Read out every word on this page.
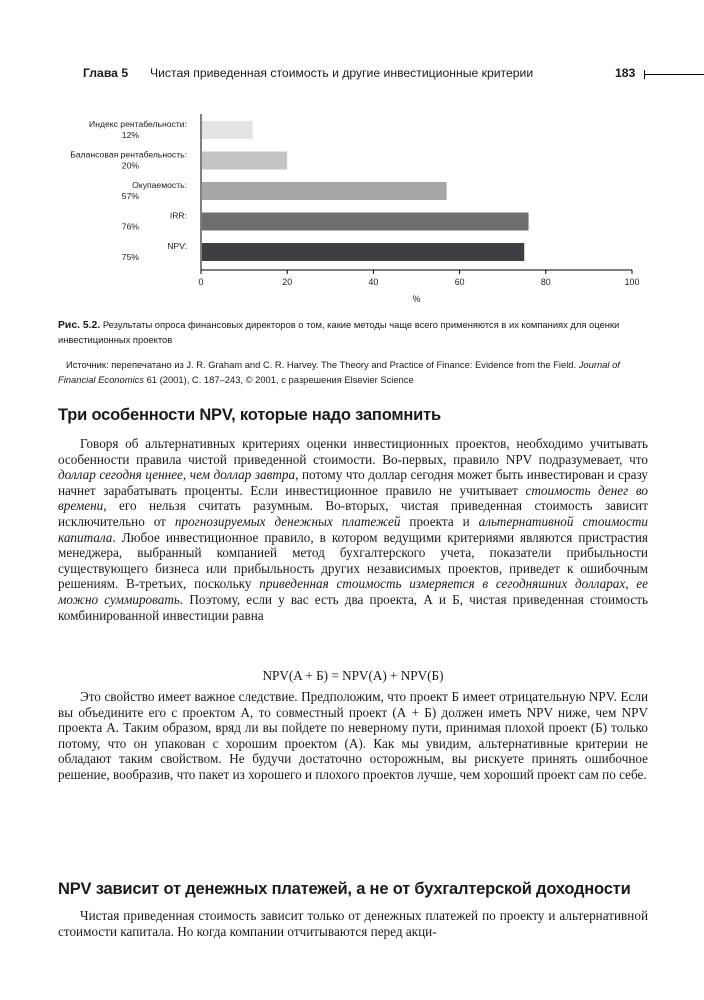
Глава 5 Чистая приведенная стоимость и другие инвестиционные критерии	183
Индекс рентабельности:
12%
Балансовая рентабельность:
20%
Окупаемость:
57%
IRR:
76%
NPV:
75%
0	20	40	60	80	100
%
Рис. 5.2. Результаты опроса финансовых директоров о том, какие методы чаще всего применяются в их компаниях для оценки инвестиционных проектов
Источник: перепечатано из J. R. Graham and C. R. Harvey. The Theory and Practice of Finance: Evidence from the Field. Journal of Financial Economics 61 (2001), С. 187–243, © 2001, с разрешения Elsevier Science
Три особенности NPV, которые надо запомнить

Говоря об альтернативных критериях оценки инвестиционных проектов, необходимо учитывать особенности правила чистой приведенной стоимости. Во-первых, правило NPV подразумевает, что доллар сегодня ценнее, чем доллар завтра, потому что доллар сегодня может быть инвестирован и сразу начнет зарабатывать проценты. Если инвестиционное правило не учитывает стоимость денег во времени, его нельзя считать разумным. Во-вторых, чистая приведенная стоимость зависит исключительно от прогнозируемых денежных платежей проекта и альтернативной стоимости капитала. Любое инвестиционное правило, в котором ведущими критериями являются пристрастия менеджера, выбранный компанией метод бухгалтерского учета, показатели прибыльности существующего бизнеса или прибыльность других независимых проектов, приведет к ошибочным решениям. В-третьих, поскольку приведенная стоимость измеряется в сегодняшних долларах, ее можно суммировать. Поэтому, если у вас есть два проекта, А и Б, чистая приведенная стоимость комбинированной инвестиции равна

NPV(A + Б) = NPV(A) + NPV(Б)

Это свойство имеет важное следствие. Предположим, что проект Б имеет отрицательную NPV. Если вы объедините его с проектом А, то совместный проект (А + Б) должен иметь NPV ниже, чем NPV проекта А. Таким образом, вряд ли вы пойдете по неверному пути, принимая плохой проект (Б) только потому, что он упакован с хорошим проектом (А). Как мы увидим, альтернативные критерии не обладают таким свойством. Не будучи достаточно осторожным, вы рискуете принять ошибочное решение, вообразив, что пакет из хорошего и плохого проектов лучше, чем хороший проект сам по себе.

NPV зависит от денежных платежей, а не от бухгалтерской доходности

Чистая приведенная стоимость зависит только от денежных платежей по проекту и альтернативной стоимости капитала. Но когда компании отчитываются перед акци-
